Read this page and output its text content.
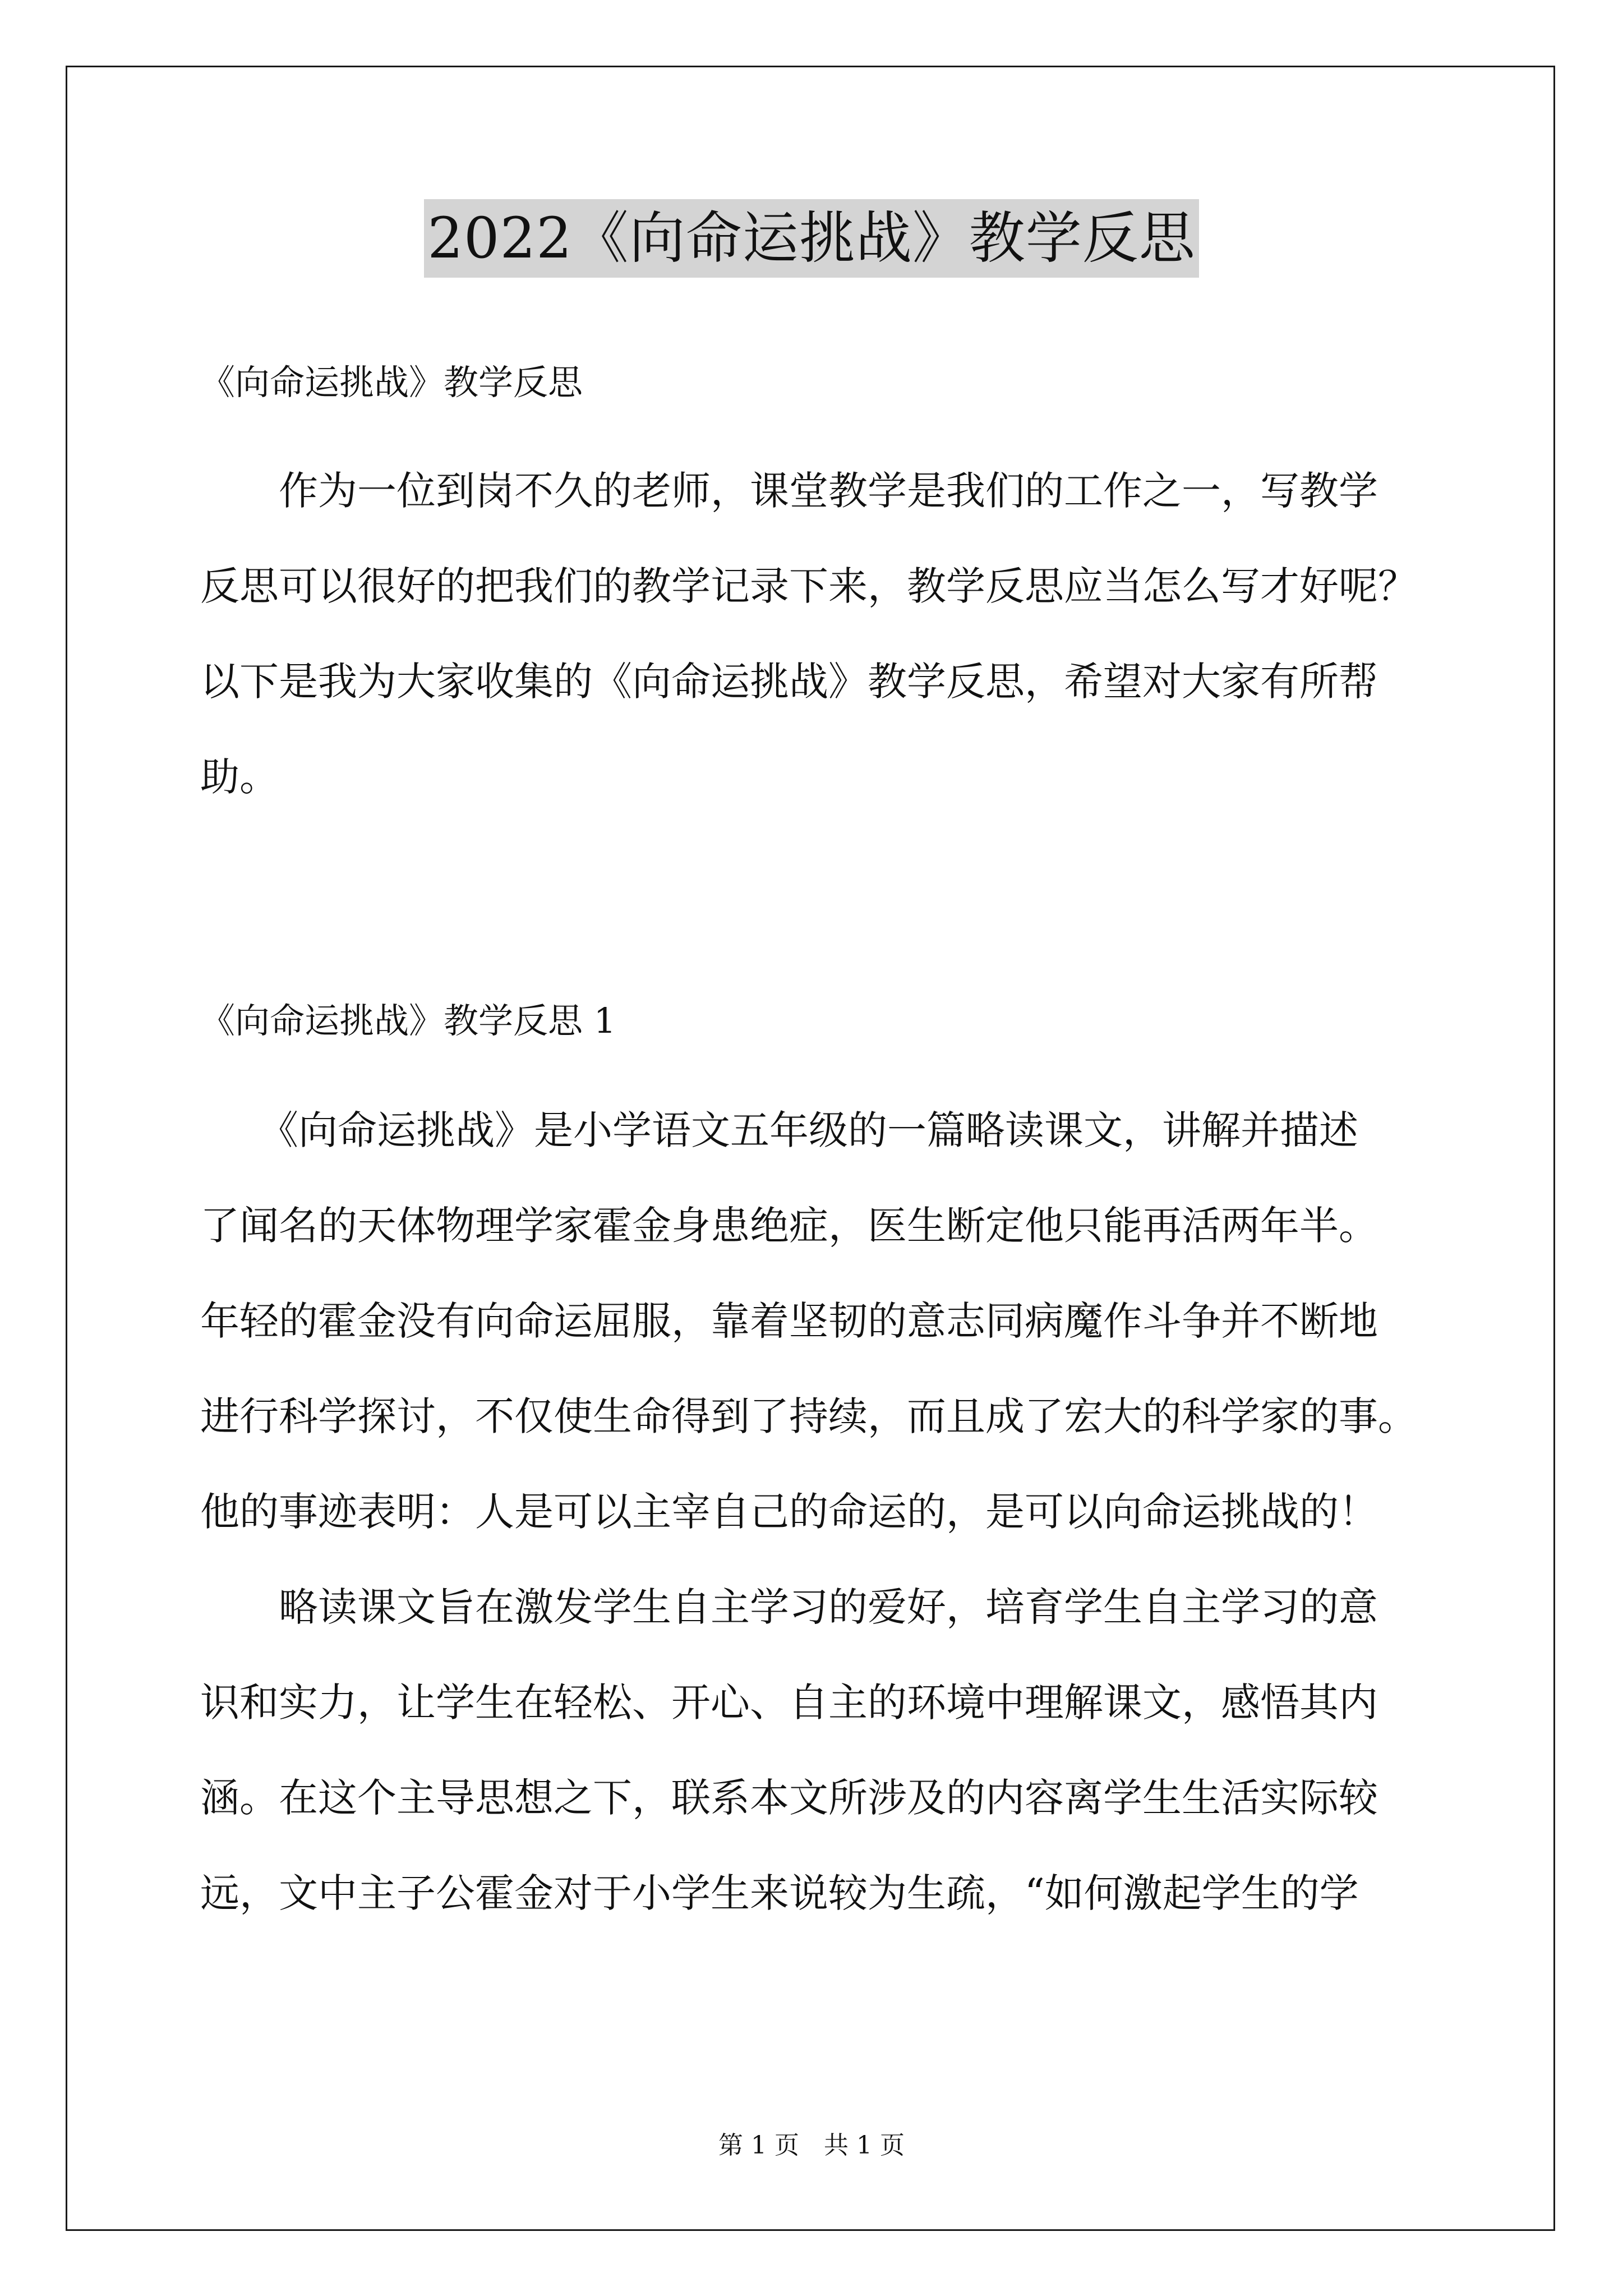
2022《向命运挑战》教学反思
《向命运挑战》教学反思
　　作为一位到岗不久的老师，课堂教学是我们的工作之一，写教学
反思可以很好的把我们的教学记录下来，教学反思应当怎么写才好呢？
以下是我为大家收集的《向命运挑战》教学反思，希望对大家有所帮
助。
《向命运挑战》教学反思 1
　　《向命运挑战》是小学语文五年级的一篇略读课文，讲解并描述
了闻名的天体物理学家霍金身患绝症，医生断定他只能再活两年半。
年轻的霍金没有向命运屈服，靠着坚韧的意志同病魔作斗争并不断地
进行科学探讨，不仅使生命得到了持续，而且成了宏大的科学家的事。
他的事迹表明：人是可以主宰自己的命运的，是可以向命运挑战的！
　　略读课文旨在激发学生自主学习的爱好，培育学生自主学习的意
识和实力，让学生在轻松、开心、自主的环境中理解课文，感悟其内
涵。在这个主导思想之下，联系本文所涉及的内容离学生生活实际较
远，文中主子公霍金对于小学生来说较为生疏，“如何激起学生的学
第 1 页　共 1 页
